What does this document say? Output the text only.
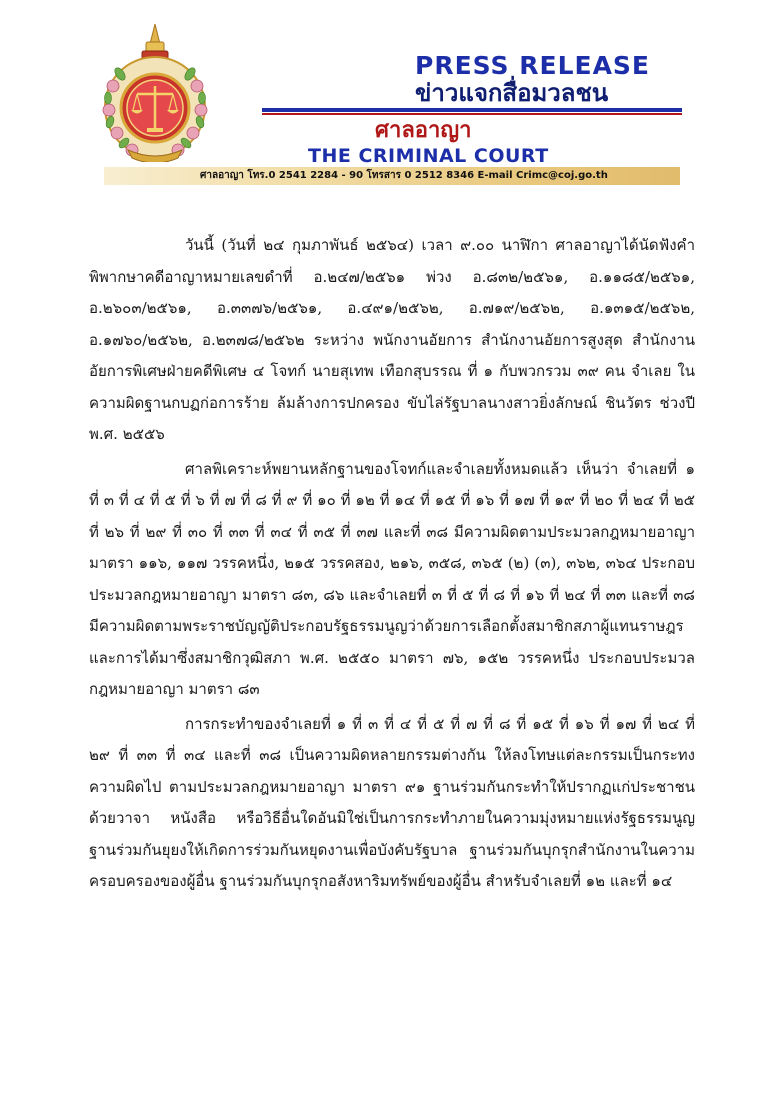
PRESS RELEASE
ข่าวแจกสื่อมวลชน
ศาลอาญา
THE CRIMINAL COURT
ศาลอาญา โทร.0 2541 2284 - 90 โทรสาร 0 2512 8346 E-mail Crimc@coj.go.th

วันนี้ (วันที่ ๒๔ กุมภาพันธ์ ๒๕๖๔) เวลา ๙.๐๐ นาฬิกา ศาลอาญาได้นัดฟังคำพิพากษาคดีอาญาหมายเลขดำที่ อ.๒๔๗/๒๕๖๑ พ่วง อ.๘๓๒/๒๕๖๑, อ.๑๑๘๕/๒๕๖๑, อ.๒๖๐๓/๒๕๖๑, อ.๓๓๗๖/๒๕๖๑, อ.๔๙๑/๒๕๖๒, อ.๗๑๙/๒๕๖๒, อ.๑๓๑๕/๒๕๖๒, อ.๑๗๖๐/๒๕๖๒, อ.๒๓๗๘/๒๕๖๒ ระหว่าง พนักงานอัยการ สำนักงานอัยการสูงสุด สำนักงานอัยการพิเศษฝ่ายคดีพิเศษ ๔ โจทก์ นายสุเทพ เทือกสุบรรณ ที่ ๑ กับพวกรวม ๓๙ คน จำเลย ในความผิดฐานกบฏก่อการร้าย ล้มล้างการปกครอง ขับไล่รัฐบาลนางสาวยิ่งลักษณ์ ชินวัตร ช่วงปี พ.ศ. ๒๕๕๖

ศาลพิเคราะห์พยานหลักฐานของโจทก์และจำเลยทั้งหมดแล้ว เห็นว่า จำเลยที่ ๑ ที่ ๓ ที่ ๔ ที่ ๕ ที่ ๖ ที่ ๗ ที่ ๘ ที่ ๙ ที่ ๑๐ ที่ ๑๒ ที่ ๑๔ ที่ ๑๕ ที่ ๑๖ ที่ ๑๗ ที่ ๑๙ ที่ ๒๐ ที่ ๒๔ ที่ ๒๕ ที่ ๒๖ ที่ ๒๙ ที่ ๓๐ ที่ ๓๓ ที่ ๓๔ ที่ ๓๕ ที่ ๓๗ และที่ ๓๘ มีความผิดตามประมวลกฎหมายอาญามาตรา ๑๑๖, ๑๑๗ วรรคหนึ่ง, ๒๑๕ วรรคสอง, ๒๑๖, ๓๕๘, ๓๖๕ (๒) (๓), ๓๖๒, ๓๖๔ ประกอบประมวลกฎหมายอาญา มาตรา ๘๓, ๘๖ และจำเลยที่ ๓ ที่ ๕ ที่ ๘ ที่ ๑๖ ที่ ๒๔ ที่ ๓๓ และที่ ๓๘ มีความผิดตามพระราชบัญญัติประกอบรัฐธรรมนูญว่าด้วยการเลือกตั้งสมาชิกสภาผู้แทนราษฎรและการได้มาซึ่งสมาชิกวุฒิสภา พ.ศ. ๒๕๕๐ มาตรา ๗๖, ๑๕๒ วรรคหนึ่ง ประกอบประมวลกฎหมายอาญา มาตรา ๘๓

การกระทำของจำเลยที่ ๑ ที่ ๓ ที่ ๔ ที่ ๕ ที่ ๗ ที่ ๘ ที่ ๑๕ ที่ ๑๖ ที่ ๑๗ ที่ ๒๔ ที่ ๒๙ ที่ ๓๓ ที่ ๓๔ และที่ ๓๘ เป็นความผิดหลายกรรมต่างกัน ให้ลงโทษแต่ละกรรมเป็นกระทงความผิดไป ตามประมวลกฎหมายอาญา มาตรา ๙๑ ฐานร่วมกันกระทำให้ปรากฏแก่ประชาชนด้วยวาจา หนังสือ หรือวิธีอื่นใดอันมิใช่เป็นการกระทำภายในความมุ่งหมายแห่งรัฐธรรมนูญ ฐานร่วมกันยุยงให้เกิดการร่วมกันหยุดงานเพื่อบังคับรัฐบาล ฐานร่วมกันบุกรุกสำนักงานในความครอบครองของผู้อื่น ฐานร่วมกันบุกรุกอสังหาริมทรัพย์ของผู้อื่น สำหรับจำเลยที่ ๑๒ และที่ ๑๔
